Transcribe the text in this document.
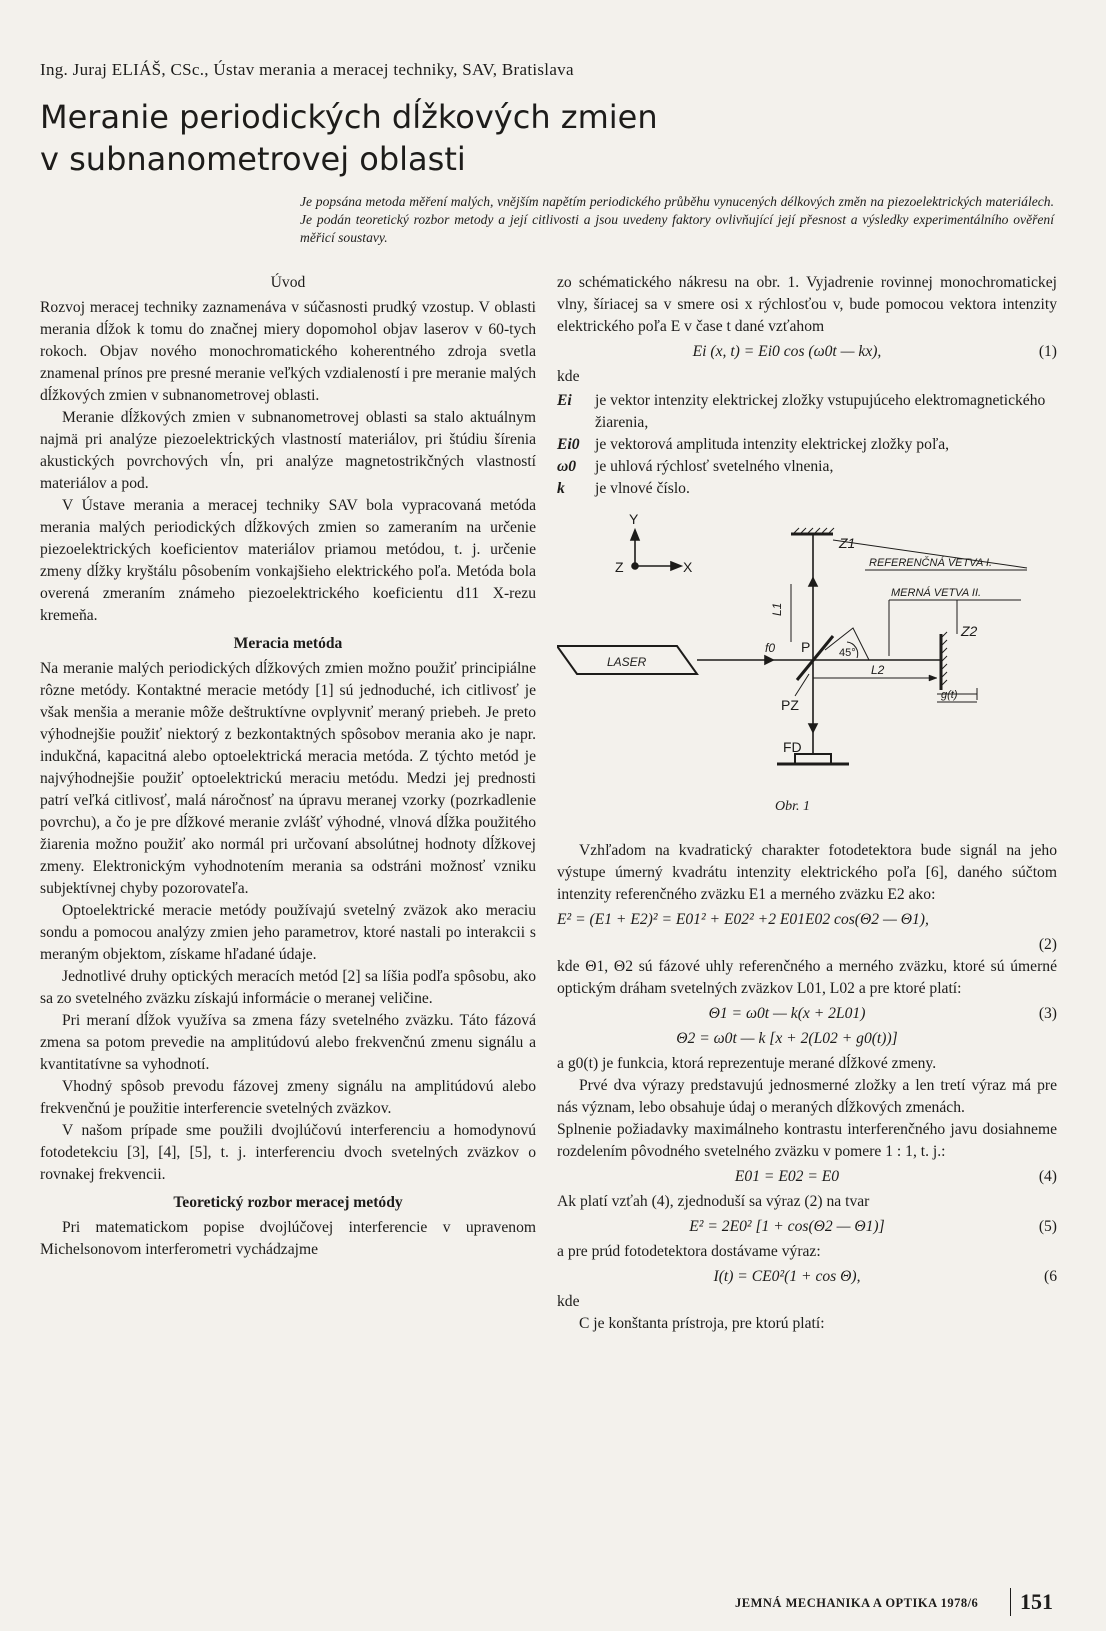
Ing. Juraj ELIÁŠ, CSc., Ústav merania a meracej techniky, SAV, Bratislava
Meranie periodických dĺžkových zmien
v subnanometrovej oblasti
Je popsána metoda měření malých, vnějším napětím periodického průběhu vynucených délkových změn na piezoelektrických materiálech. Je podán teoretický rozbor metody a její citlivosti a jsou uvedeny faktory ovlivňující její přesnost a výsledky experimentálního ověření měřicí soustavy.
Úvod

Rozvoj meracej techniky zaznamenáva v súčasnosti prudký vzostup. V oblasti merania dĺžok k tomu do značnej miery dopomohol objav laserov v 60-tych rokoch. Objav nového monochromatického koherentného zdroja svetla znamenal prínos pre presné meranie veľkých vzdialeností i pre meranie malých dĺžkových zmien v subnanometrovej oblasti.

Meranie dĺžkových zmien v subnanometrovej oblasti sa stalo aktuálnym najmä pri analýze piezoelektrických vlastností materiálov, pri štúdiu šírenia akustických povrchových vĺn, pri analýze magnetostrikčných vlastností materiálov a pod.

V Ústave merania a meracej techniky SAV bola vypracovaná metóda merania malých periodických dĺžkových zmien so zameraním na určenie piezoelektrických koeficientov materiálov priamou metódou, t. j. určenie zmeny dĺžky kryštálu pôsobením vonkajšieho elektrického poľa. Metóda bola overená zmeraním známeho piezoelektrického koeficientu d11 X-rezu kremeňa.

Meracia metóda

Na meranie malých periodických dĺžkových zmien možno použiť principiálne rôzne metódy. Kontaktné meracie metódy [1] sú jednoduché, ich citlivosť je však menšia a meranie môže deštruktívne ovplyvniť meraný priebeh. Je preto výhodnejšie použiť niektorý z bezkontaktných spôsobov merania ako je napr. indukčná, kapacitná alebo optoelektrická meracia metóda. Z týchto metód je najvýhodnejšie použiť optoelektrickú meraciu metódu. Medzi jej prednosti patrí veľká citlivosť, malá náročnosť na úpravu meranej vzorky (pozrkadlenie povrchu), a čo je pre dĺžkové meranie zvlášť výhodné, vlnová dĺžka použitého žiarenia možno použiť ako normál pri určovaní absolútnej hodnoty dĺžkovej zmeny. Elektronickým vyhodnotením merania sa odstráni možnosť vzniku subjektívnej chyby pozorovateľa.

Optoelektrické meracie metódy používajú svetelný zväzok ako meraciu sondu a pomocou analýzy zmien jeho parametrov, ktoré nastali po interakcii s meraným objektom, získame hľadané údaje.

Jednotlivé druhy optických meracích metód [2] sa líšia podľa spôsobu, ako sa zo svetelného zväzku získajú informácie o meranej veličine.

Pri meraní dĺžok využíva sa zmena fázy svetelného zväzku. Táto fázová zmena sa potom prevedie na amplitúdovú alebo frekvenčnú zmenu signálu a kvantitatívne sa vyhodnotí.

Vhodný spôsob prevodu fázovej zmeny signálu na amplitúdovú alebo frekvenčnú je použitie interferencie svetelných zväzkov.

V našom prípade sme použili dvojlúčovú interferenciu a homodynovú fotodetekciu [3], [4], [5], t. j. interferenciu dvoch svetelných zväzkov o rovnakej frekvencii.

Teoretický rozbor meracej metódy

Pri matematickom popise dvojlúčovej interferencie v upravenom Michelsonovom interferometri vychádzajme

zo schématického nákresu na obr. 1. Vyjadrenie rovinnej monochromatickej vlny, šíriacej sa v smere osi x rýchlosťou v, bude pomocou vektora intenzity elektrického poľa E v čase t dané vzťahom

Ei (x, t) = Ei0 cos (ω0t — kx),	(1)
kde
Ei	je vektor intenzity elektrickej zložky vstupujúceho elektromagnetického žiarenia,
Ei0 je vektorová amplituda intenzity elektrickej zložky poľa,
ω0	je uhlová rýchlosť svetelného vlnenia,
k	je vlnové číslo.
Y
Z	X
Z1
REFERENČNÁ VETVA I.
MERNÁ VETVA II.
Z2
L1
LASER
f0 P	45°
PZ
L2
g(t)
FD
Obr. 1

Vzhľadom na kvadratický charakter fotodetektora bude signál na jeho výstupe úmerný kvadrátu intenzity elektrického poľa [6], daného súčtom intenzity referenčného zväzku E1 a merného zväzku E2 ako:

E² = (E1 + E2)² = E01² + E02² +2 E01E02 cos(Θ2 — Θ1),
(2)

kde Θ1, Θ2 sú fázové uhly referenčného a merného zväzku, ktoré sú úmerné optickým dráham svetelných zväzkov L01, L02 a pre ktoré platí:

Θ1 = ω0t — k(x + 2L01)	(3)
Θ2 = ω0t — k [x + 2(L02 + g0(t))]

a g0(t) je funkcia, ktorá reprezentuje merané dĺžkové zmeny.

Prvé dva výrazy predstavujú jednosmerné zložky a len tretí výraz má pre nás význam, lebo obsahuje údaj o meraných dĺžkových zmenách.

Splnenie požiadavky maximálneho kontrastu interferenčného javu dosiahneme rozdelením pôvodného svetelného zväzku v pomere 1 : 1, t. j.:

E01 = E02 = E0	(4)

Ak platí vzťah (4), zjednoduší sa výraz (2) na tvar

E² = 2E0² [1 + cos(Θ2 — Θ1)]	(5)

a pre prúd fotodetektora dostávame výraz:

I(t) = CE0²(1 + cos Θ),	(6
kde

C je konštanta prístroja, pre ktorú platí:

JEMNÁ MECHANIKA A OPTIKA 1978/6 151
